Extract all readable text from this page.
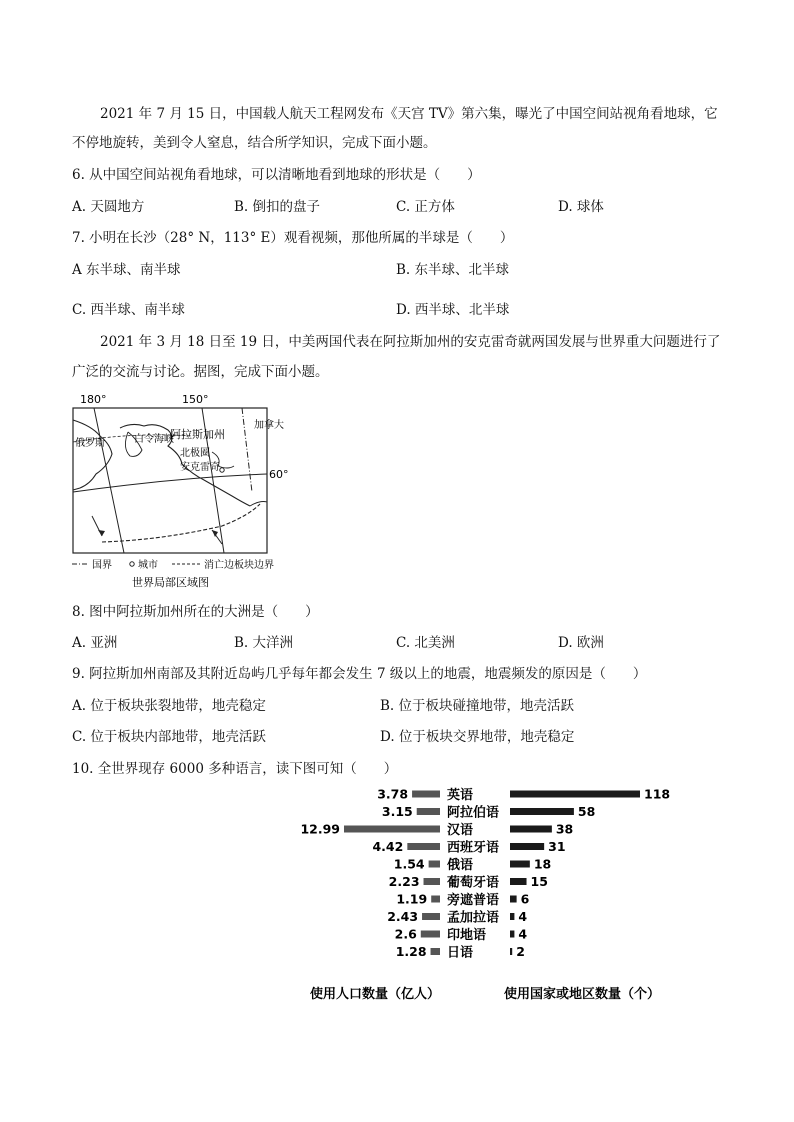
2021 年 7 月 15 日，中国载人航天工程网发布《天宫 TV》第六集，曝光了中国空间站视角看地球，它
不停地旋转，美到令人窒息，结合所学知识，完成下面小题。
6. 从中国空间站视角看地球，可以清晰地看到地球的形状是（　　）
A. 天圆地方	B. 倒扣的盘子	C. 正方体	D. 球体
7. 小明在长沙（28° N，113° E）观看视频，那他所属的半球是（　　）
A 东半球、南半球	B. 东半球、北半球
C. 西半球、南半球	D. 西半球、北半球
2021 年 3 月 18 日至 19 日，中美两国代表在阿拉斯加州的安克雷奇就两国发展与世界重大问题进行了
广泛的交流与讨论。据图，完成下面小题。
180°	150°
60°
阿拉斯加州
俄罗斯	白令海峡
北极圈
安克雷奇
加拿大
国界	城市	消亡边板块边界
世界局部区域图
8. 图中阿拉斯加州所在的大洲是（　　）
A. 亚洲	B. 大洋洲	C. 北美洲	D. 欧洲
9. 阿拉斯加州南部及其附近岛屿几乎每年都会发生 7 级以上的地震，地震频发的原因是（　　）
A. 位于板块张裂地带，地壳稳定	B. 位于板块碰撞地带，地壳活跃
C. 位于板块内部地带，地壳活跃	D. 位于板块交界地带，地壳稳定
10. 全世界现存 6000 多种语言，读下图可知（　　）
3.78	英语	118
3.15	阿拉伯语	58
12.99	汉语	38
4.42	西班牙语	31
1.54 俄语	18
2.23 葡萄牙语	15
1.19 旁遮普语 6
2.43 孟加拉语 4
2.6 印地语	4
1.28 日语	2
使用人口数量（亿人）	使用国家或地区数量（个）
